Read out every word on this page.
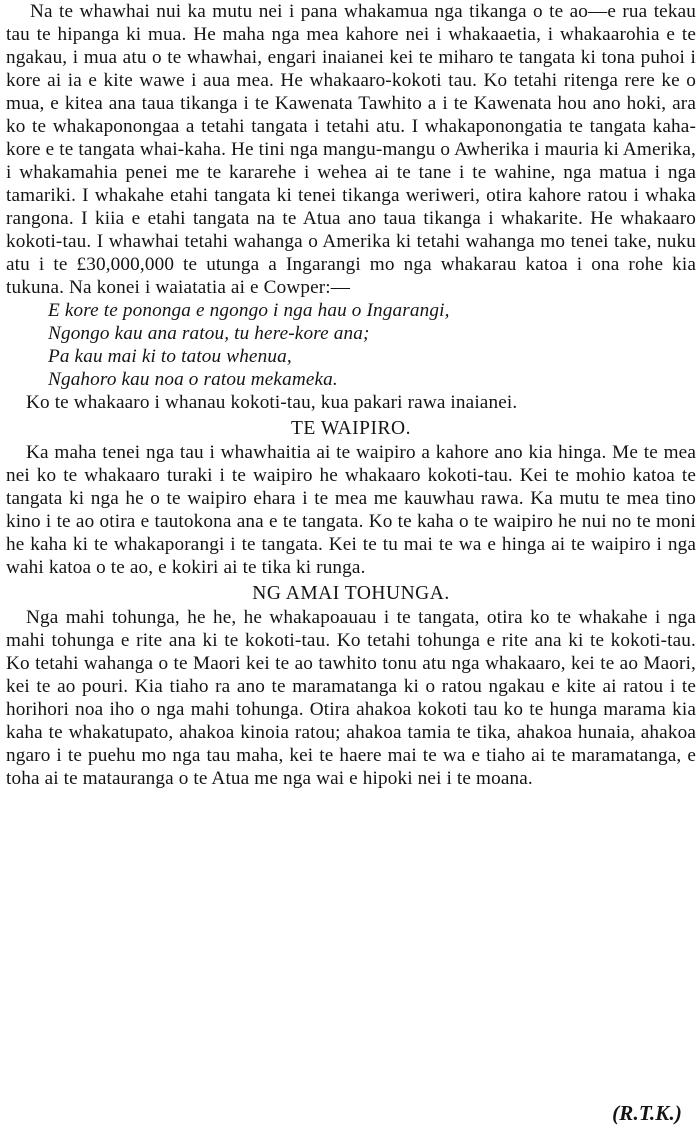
Na te whawhai nui ka mutu nei i pana whakamua nga tikanga o te ao—e rua tekau tau te hipanga ki mua. He maha nga mea kahore nei i whakaaetia, i whakaarohia e te ngakau, i mua atu o te whawhai, engari inaianei kei te miharo te tangata ki tona puhoi i kore ai ia e kite wawe i aua mea. He whakaaro-kokoti tau. Ko tetahi ritenga rere ke o mua, e kitea ana taua tikanga i te Kawenata Tawhito a i te Kawenata hou ano hoki, ara ko te whakaponongaa a tetahi tangata i tetahi atu. I whakaponongatia te tangata kaha-kore e te tangata whai-kaha. He tini nga mangu-mangu o Awherika i mauria ki Amerika, i whakamahia penei me te kararehe i wehea ai te tane i te wahine, nga matua i nga tamariki. I whakahe etahi tangata ki tenei tikanga weriweri, otira kahore ratou i whaka rangona. I kiia e etahi tangata na te Atua ano taua tikanga i whakarite. He whakaaro kokoti-tau. I whawhai tetahi wahanga o Amerika ki tetahi wahanga mo tenei take, nuku atu i te £30,000,000 te utunga a Ingarangi mo nga whakarau katoa i ona rohe kia tukuna. Na konei i waiatatia ai e Cowper:—

E kore te ponongа e ngongo i nga hau o Ingarangi,
Ngongo kau ana ratou, tu here-kore ana;
Pa kau mai ki to tatou whenua,
Ngahoro kau noa o ratou mekameka.

Ko te whakaaro i whanau kokoti-tau, kua pakari rawa inaianei.

TE WAIPIRO.

Ka maha tenei nga tau i whawhaitia ai te waipiro a kahore ano kia hinga. Me te mea nei ko te whakaaro turaki i te waipiro he whakaaro kokoti-tau. Kei te mohio katoa te tangata ki nga he o te waipiro ehara i te mea me kauwhau rawa. Ka mutu te mea tino kino i te ao otira e tautokona ana e te tangata. Ko te kaha o te waipiro he nui no te moni he kaha ki te whakaporangi i te tangata. Kei te tu mai te wa e hinga ai te waipiro i nga wahi katoa o te ao, e kokiri ai te tika ki runga.

NG AMAI TOHUNGA.

Nga mahi tohunga, he he, he whakapoauau i te tangata, otira ko te whakahe i nga mahi tohunga e rite ana ki te kokoti-tau. Ko tetahi tohunga e rite ana ki te kokoti-tau. Ko tetahi wahanga o te Maori kei te ao tawhito tonu atu nga whakaaro, kei te ao Maori, kei te ao pouri. Kia tiaho ra ano te maramatanga ki o ratou ngakau e kite ai ratou i te horihori noa iho o nga mahi tohunga. Otira ahakoa kokoti tau ko te hunga marama kia kaha te whakatupato, ahakoa kinoia ratou; ahakoa tamia te tika, ahakoa hunaia, ahakoa ngaro i te puehu mo nga tau maha, kei te haere mai te wa e tiaho ai te maramatanga, e toha ai te matauranga o te Atua me nga wai e hipoki nei i te moana.

(R.T.K.)
